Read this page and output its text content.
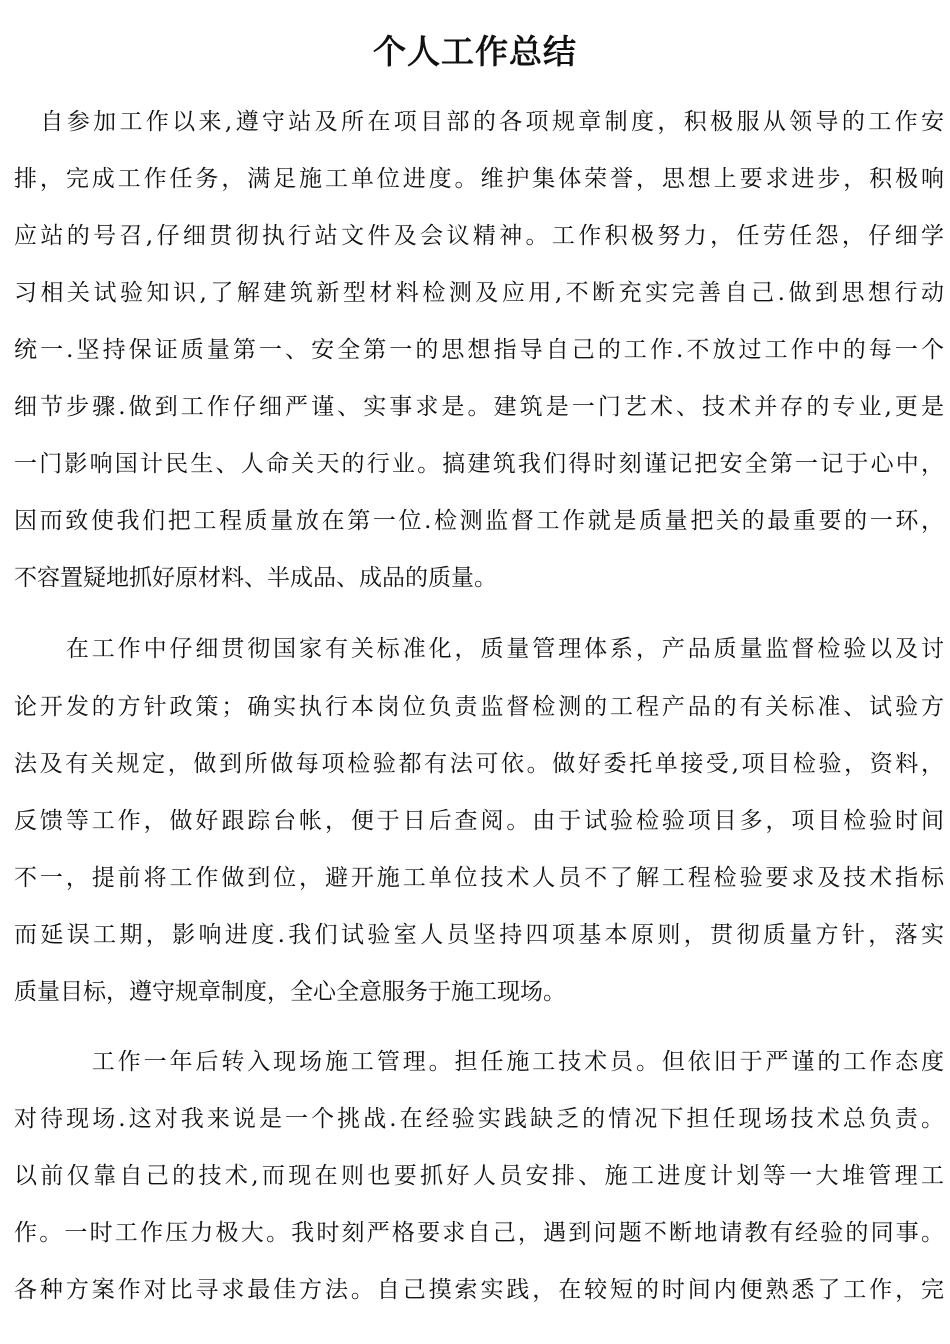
个人工作总结
　自参加工作以来,遵守站及所在项目部的各项规章制度，积极服从领导的工作安
排，完成工作任务，满足施工单位进度。维护集体荣誉，思想上要求进步，积极响
应站的号召,仔细贯彻执行站文件及会议精神。工作积极努力，任劳任怨，仔细学
习相关试验知识,了解建筑新型材料检测及应用,不断充实完善自己.做到思想行动
统一.坚持保证质量第一、安全第一的思想指导自己的工作.不放过工作中的每一个
细节步骤.做到工作仔细严谨、实事求是。建筑是一门艺术、技术并存的专业,更是
一门影响国计民生、人命关天的行业。搞建筑我们得时刻谨记把安全第一记于心中，
因而致使我们把工程质量放在第一位.检测监督工作就是质量把关的最重要的一环，
不容置疑地抓好原材料、半成品、成品的质量。
　　在工作中仔细贯彻国家有关标准化，质量管理体系，产品质量监督检验以及讨
论开发的方针政策；确实执行本岗位负责监督检测的工程产品的有关标准、试验方
法及有关规定，做到所做每项检验都有法可依。做好委托单接受,项目检验，资料，
反馈等工作，做好跟踪台帐，便于日后查阅。由于试验检验项目多，项目检验时间
不一，提前将工作做到位，避开施工单位技术人员不了解工程检验要求及技术指标
而延误工期，影响进度.我们试验室人员坚持四项基本原则，贯彻质量方针，落实
质量目标，遵守规章制度，全心全意服务于施工现场。
　　　工作一年后转入现场施工管理。担任施工技术员。但依旧于严谨的工作态度
对待现场.这对我来说是一个挑战.在经验实践缺乏的情况下担任现场技术总负责。
以前仅靠自己的技术,而现在则也要抓好人员安排、施工进度计划等一大堆管理工
作。一时工作压力极大。我时刻严格要求自己，遇到问题不断地请教有经验的同事。
各种方案作对比寻求最佳方法。自己摸索实践，在较短的时间内便熟悉了工作，完
